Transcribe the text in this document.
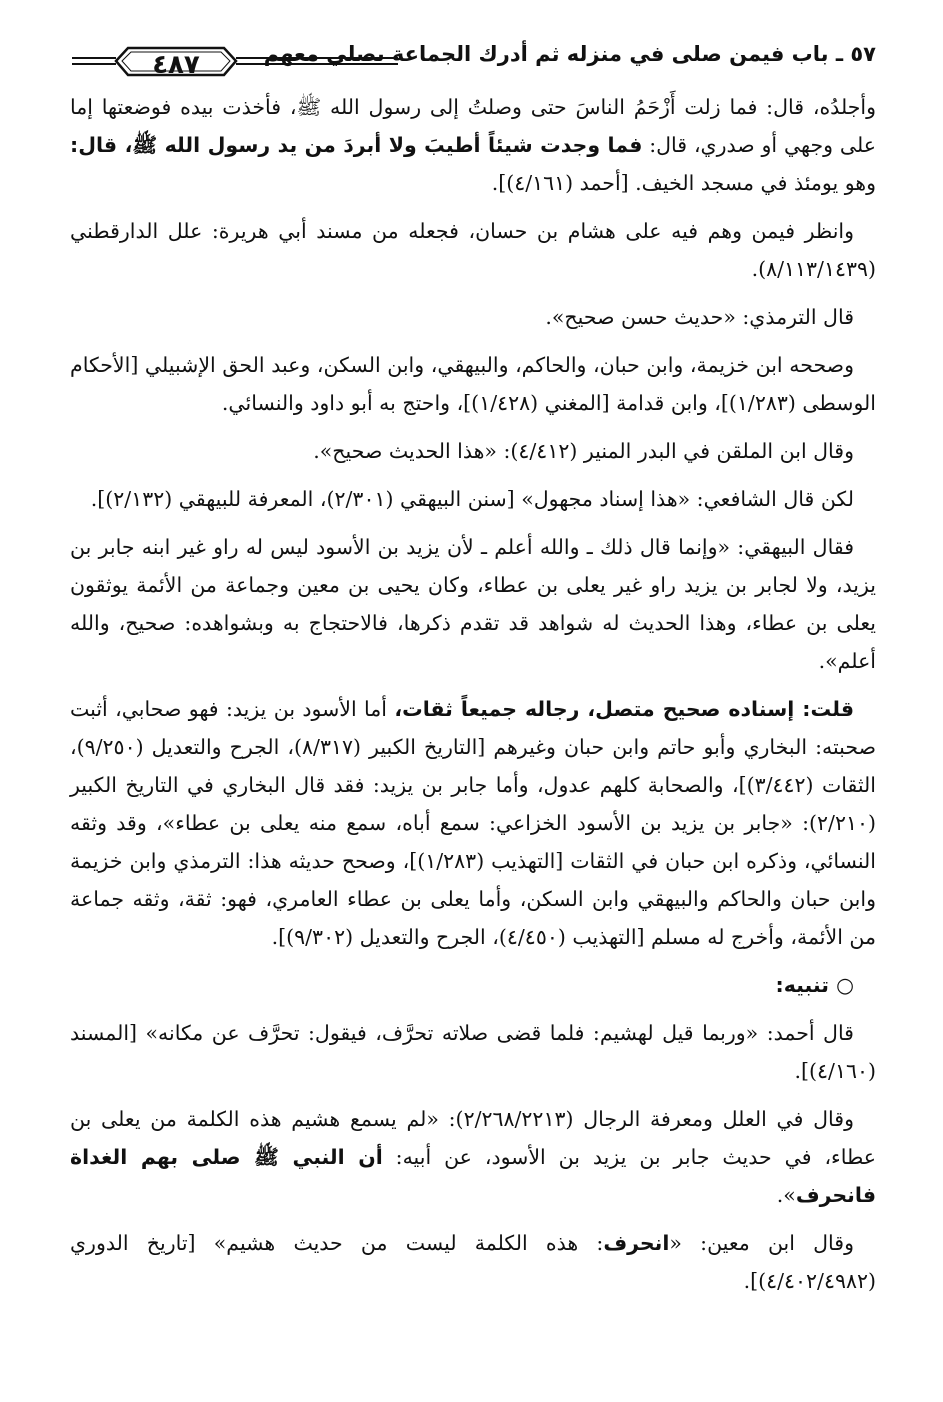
٥٧ ـ باب فيمن صلى في منزله ثم أدرك الجماعة يصلي معهم
٤٨٧

وأجلدُه، قال: فما زلت أَزْحَمُ الناسَ حتى وصلتُ إلى رسول الله ﷺ، فأخذت بيده فوضعتها إما على وجهي أو صدري، قال: فما وجدت شيئاً أطيبَ ولا أبردَ من يد رسول الله ﷺ، قال: وهو يومئذ في مسجد الخيف. [أحمد (٤/١٦١)].

وانظر فيمن وهم فيه على هشام بن حسان، فجعله من مسند أبي هريرة: علل الدارقطني (٨/١١٣/١٤٣٩).

قال الترمذي: «حديث حسن صحيح».

وصححه ابن خزيمة، وابن حبان، والحاكم، والبيهقي، وابن السكن، وعبد الحق الإشبيلي [الأحكام الوسطى (١/٢٨٣)]، وابن قدامة [المغني (١/٤٢٨)]، واحتج به أبو داود والنسائي.

وقال ابن الملقن في البدر المنير (٤/٤١٢): «هذا الحديث صحيح».

لكن قال الشافعي: «هذا إسناد مجهول» [سنن البيهقي (٢/٣٠١)، المعرفة للبيهقي (٢/١٣٢)].

فقال البيهقي: «وإنما قال ذلك ـ والله أعلم ـ لأن يزيد بن الأسود ليس له راو غير ابنه جابر بن يزيد، ولا لجابر بن يزيد راو غير يعلى بن عطاء، وكان يحيى بن معين وجماعة من الأئمة يوثقون يعلى بن عطاء، وهذا الحديث له شواهد قد تقدم ذكرها، فالاحتجاج به وبشواهده: صحيح، والله أعلم».

قلت: إسناده صحيح متصل، رجاله جميعاً ثقات، أما الأسود بن يزيد: فهو صحابي، أثبت صحبته: البخاري وأبو حاتم وابن حبان وغيرهم [التاريخ الكبير (٨/٣١٧)، الجرح والتعديل (٩/٢٥٠)، الثقات (٣/٤٤٢)]، والصحابة كلهم عدول، وأما جابر بن يزيد: فقد قال البخاري في التاريخ الكبير (٢/٢١٠): «جابر بن يزيد بن الأسود الخزاعي: سمع أباه، سمع منه يعلى بن عطاء»، وقد وثقه النسائي، وذكره ابن حبان في الثقات [التهذيب (١/٢٨٣)]، وصحح حديثه هذا: الترمذي وابن خزيمة وابن حبان والحاكم والبيهقي وابن السكن، وأما يعلى بن عطاء العامري، فهو: ثقة، وثقه جماعة من الأئمة، وأخرج له مسلم [التهذيب (٤/٤٥٠)، الجرح والتعديل (٩/٣٠٢)].

○ تنبيه:

قال أحمد: «وربما قيل لهشيم: فلما قضى صلاته تحرَّف، فيقول: تحرَّف عن مكانه» [المسند (٤/١٦٠)].

وقال في العلل ومعرفة الرجال (٢/٢٦٨/٢٢١٣): «لم يسمع هشيم هذه الكلمة من يعلى بن عطاء، في حديث جابر بن يزيد بن الأسود، عن أبيه: أن النبي ﷺ صلى بهم الغداة فانحرف».

وقال ابن معين: «انحرف: هذه الكلمة ليست من حديث هشيم» [تاريخ الدوري (٤/٤٠٢/٤٩٨٢)].
